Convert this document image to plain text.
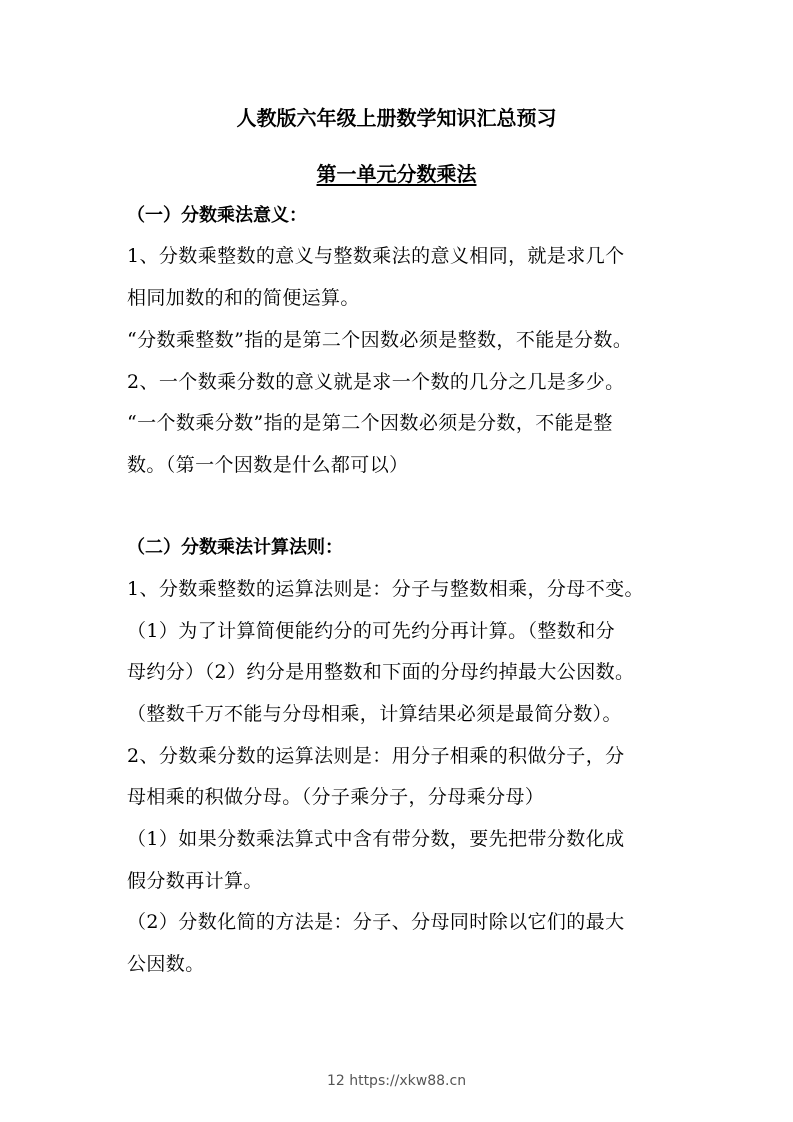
人教版六年级上册数学知识汇总预习
第一单元分数乘法
（一）分数乘法意义：
1、分数乘整数的意义与整数乘法的意义相同，就是求几个
相同加数的和的简便运算。
“分数乘整数”指的是第二个因数必须是整数，不能是分数。
2、一个数乘分数的意义就是求一个数的几分之几是多少。
“一个数乘分数”指的是第二个因数必须是分数，不能是整
数。（第一个因数是什么都可以）
（二）分数乘法计算法则：
1、分数乘整数的运算法则是：分子与整数相乘，分母不变。
（1）为了计算简便能约分的可先约分再计算。（整数和分
母约分）（2）约分是用整数和下面的分母约掉最大公因数。
（整数千万不能与分母相乘，计算结果必须是最简分数）。
2、分数乘分数的运算法则是：用分子相乘的积做分子，分
母相乘的积做分母。（分子乘分子，分母乘分母）
（1）如果分数乘法算式中含有带分数，要先把带分数化成
假分数再计算。
（2）分数化简的方法是：分子、分母同时除以它们的最大
公因数。
12 https://xkw88.cn
